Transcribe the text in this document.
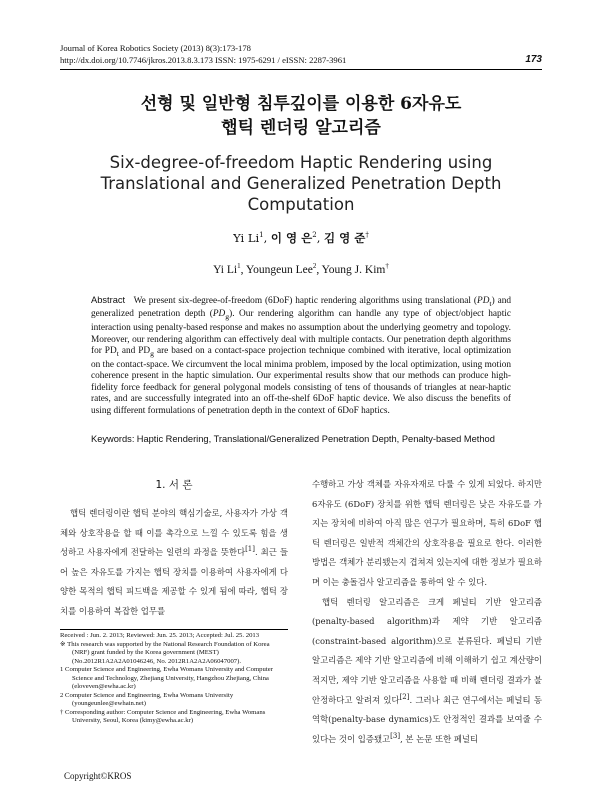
Journal of Korea Robotics Society (2013) 8(3):173-178
http://dx.doi.org/10.7746/jkros.2013.8.3.173 ISSN: 1975-6291 / eISSN: 2287-3961	173
선형 및 일반형 침투깊이를 이용한 6자유도
햅틱 렌더링 알고리즘
Six-degree-of-freedom Haptic Rendering using
Translational and Generalized Penetration Depth
Computation
Yi Li$^1$, 이 영 은$^2$, 김 영 준†
Yi Li$^1$, Youngeun Lee$^2$, Young J. Kim†
Abstract We present six-degree-of-freedom (6DoF) haptic rendering algorithms using translational $(PD_t)$ and generalized penetration depth $(PD_g)$. Our rendering algorithm can handle any type of object/object haptic interaction using penalty-based response and makes no assumption about the underlying geometry and topology. Moreover, our rendering algorithm can effectively deal with multiple contacts. Our penetration depth algorithms for $PD_t$ and $PD_g$ are based on a contact-space projection technique combined with iterative, local optimization on the contact-space. We circumvent the local minima problem, imposed by the local optimization, using motion coherence present in the haptic simulation. Our experimental results show that our methods can produce high-fidelity force feedback for general polygonal models consisting of tens of thousands of triangles at near-haptic rates, and are successfully integrated into an off-the-shelf 6DoF haptic device. We also discuss the benefits of using different formulations of penetration depth in the context of 6DoF haptics.
Keywords: Haptic Rendering, Translational/Generalized Penetration Depth, Penalty-based Method
1. 서 론
햅틱 렌더링이란 햅틱 분야의 핵심기술로, 사용자가 가상 객체와 상호작용을 할 때 이를 촉각으로 느낄 수 있도록 힘을 생성하고 사용자에게 전달하는 일련의 과정을 뜻한다[1]. 최근 들어 높은 자유도를 가지는 햅틱 장치를 이용하여 사용자에게 다양한 목적의 햅틱 피드백을 제공할 수 있게 됨에 따라, 햅틱 장치를 이용하여 복잡한 업무를
수행하고 가상 객체를 자유자재로 다룰 수 있게 되었다. 하지만 6자유도 (6DoF) 장치를 위한 햅틱 렌더링은 낮은 자유도를 가지는 장치에 비하여 아직 많은 연구가 필요하며, 특히 6DoF 햅틱 렌더링은 일반적 객체간의 상호작용을 필요로 한다. 이러한 방법은 객체가 분리됐는지 겹쳐져 있는지에 대한 정보가 필요하며 이는 충돌검사 알고리즘을 통하여 알 수 있다.
햅틱 렌더링 알고리즘은 크게 페널티 기반 알고리즘 (penalty-based algorithm)과 제약 기반 알고리즘 (constraint-based algorithm)으로 분류된다. 페널티 기반 알고리즘은 제약 기반 알고리즘에 비해 이해하기 쉽고 계산량이 적지만, 제약 기반 알고리즘을 사용할 때 비해 렌더링 결과가 불안정하다고 알려져 있다[2]. 그러나 최근 연구에서는 페널티 동역학(penalty-base dynamics)도 안정적인 결과를 보여줄 수 있다는 것이 입증됐고[3], 본 논문 또한 페널티
Received : Jun. 2. 2013; Reviewed: Jun. 25. 2013; Accepted: Jul. 25. 2013
※ This research was supported by the National Research Foundation of Korea (NRF) grant funded by the Korea government (MEST) (No.2012R1A2A2A01046246, No. 2012R1A2A2A06047007).
1 Computer Science and Engineering, Ewha Womans University and Computer Science and Technology, Zhejiang University, Hangzhou Zhejiang, China (eloveven@ewha.ac.kr)
2 Computer Science and Engineering, Ewha Womans University (youngeunlee@ewhain.net)
† Corresponding author: Computer Science and Engineering, Ewha Womans University, Seoul, Korea (kimy@ewha.ac.kr)
Copyright©KROS
